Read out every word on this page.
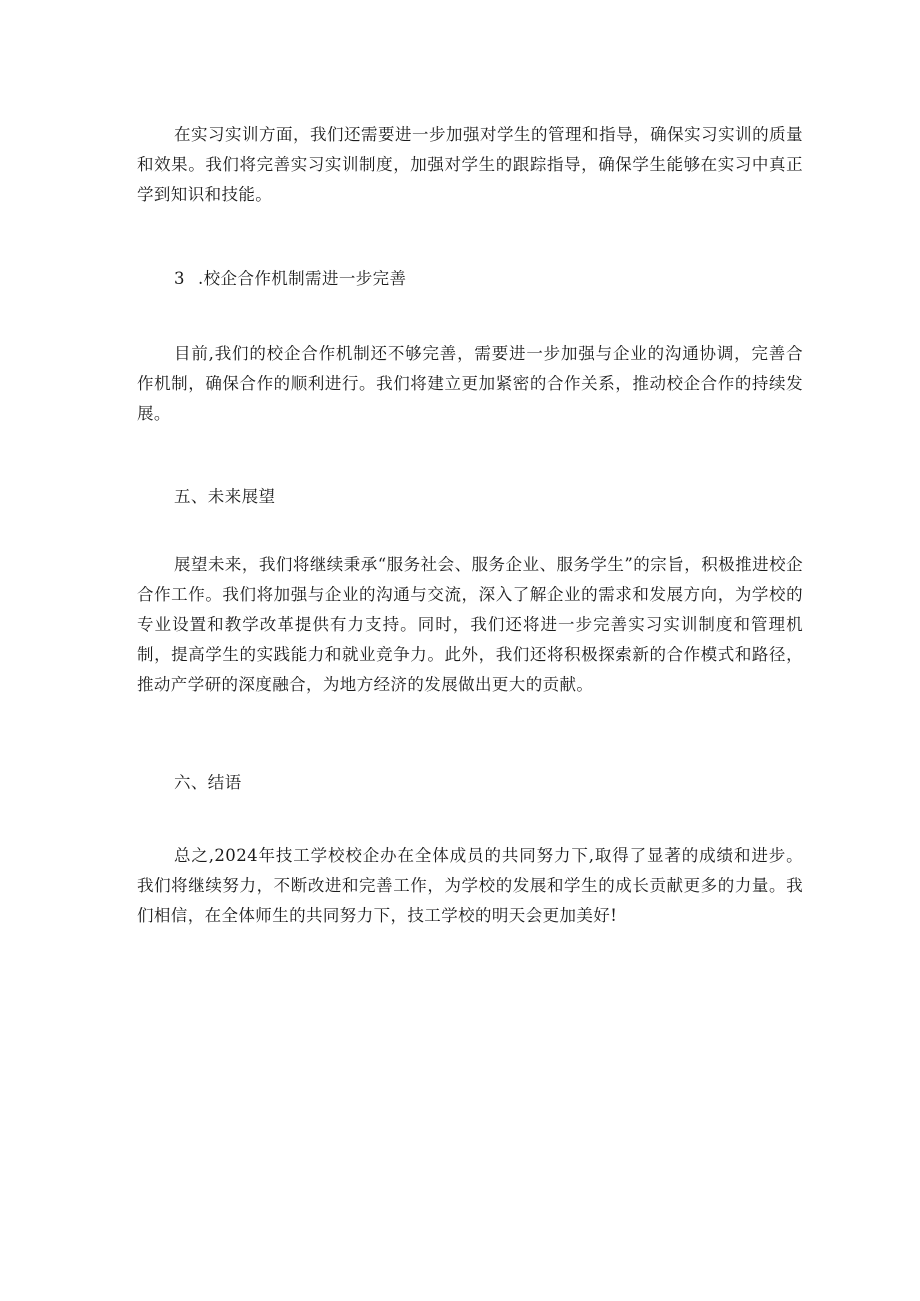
在实习实训方面，我们还需要进一步加强对学生的管理和指导，确保实习实训的质量和效果。我们将完善实习实训制度，加强对学生的跟踪指导，确保学生能够在实习中真正学到知识和技能。

3 .校企合作机制需进一步完善

目前,我们的校企合作机制还不够完善，需要进一步加强与企业的沟通协调，完善合作机制，确保合作的顺利进行。我们将建立更加紧密的合作关系，推动校企合作的持续发展。

五、未来展望

展望未来，我们将继续秉承“服务社会、服务企业、服务学生”的宗旨，积极推进校企合作工作。我们将加强与企业的沟通与交流，深入了解企业的需求和发展方向，为学校的专业设置和教学改革提供有力支持。同时，我们还将进一步完善实习实训制度和管理机制，提高学生的实践能力和就业竞争力。此外，我们还将积极探索新的合作模式和路径，推动产学研的深度融合，为地方经济的发展做出更大的贡献。

六、结语

总之,2024年技工学校校企办在全体成员的共同努力下,取得了显著的成绩和进步。我们将继续努力，不断改进和完善工作，为学校的发展和学生的成长贡献更多的力量。我们相信，在全体师生的共同努力下，技工学校的明天会更加美好!
